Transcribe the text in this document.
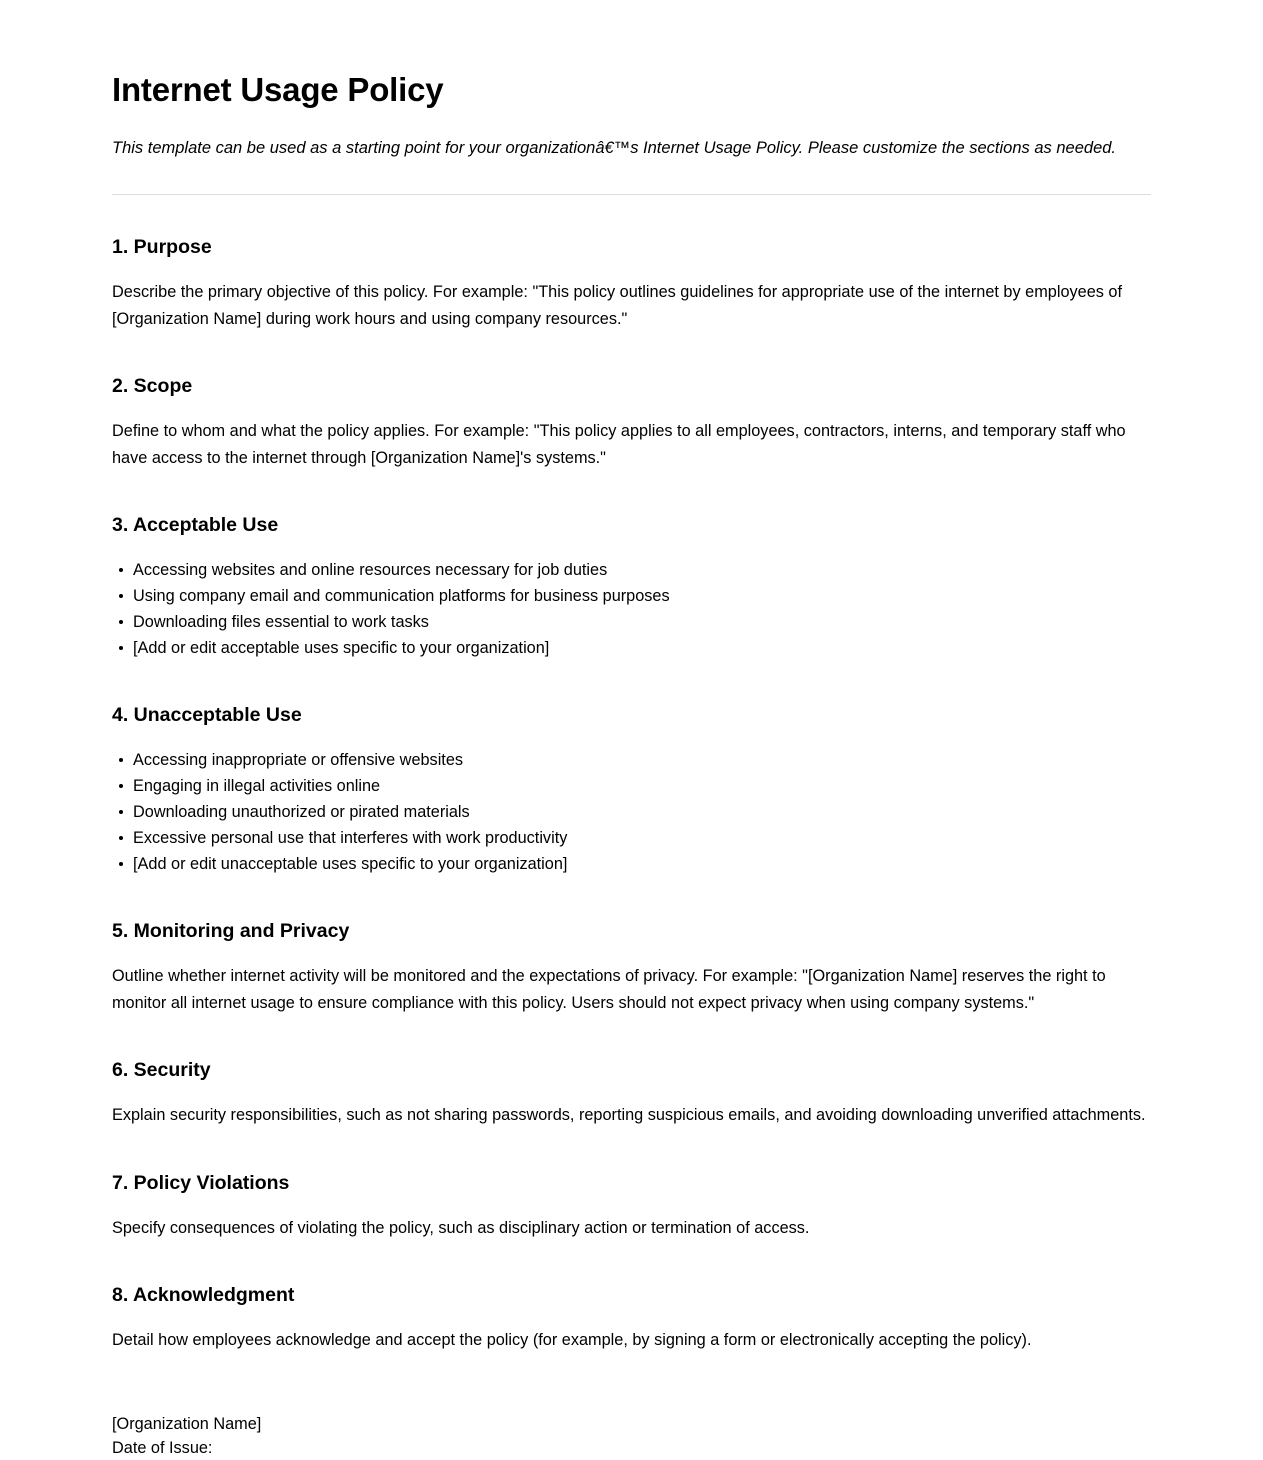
Internet Usage Policy

This template can be used as a starting point for your organizationâ€™s Internet Usage Policy. Please customize the sections as needed.

1. Purpose

Describe the primary objective of this policy. For example: "This policy outlines guidelines for appropriate use of the internet by employees of [Organization Name] during work hours and using company resources."

2. Scope

Define to whom and what the policy applies. For example: "This policy applies to all employees, contractors, interns, and temporary staff who have access to the internet through [Organization Name]'s systems."

3. Acceptable Use
Accessing websites and online resources necessary for job duties
Using company email and communication platforms for business purposes
Downloading files essential to work tasks
[Add or edit acceptable uses specific to your organization]
4. Unacceptable Use
Accessing inappropriate or offensive websites
Engaging in illegal activities online
Downloading unauthorized or pirated materials
Excessive personal use that interferes with work productivity
[Add or edit unacceptable uses specific to your organization]
5. Monitoring and Privacy

Outline whether internet activity will be monitored and the expectations of privacy. For example: "[Organization Name] reserves the right to monitor all internet usage to ensure compliance with this policy. Users should not expect privacy when using company systems."

6. Security

Explain security responsibilities, such as not sharing passwords, reporting suspicious emails, and avoiding downloading unverified attachments.

7. Policy Violations

Specify consequences of violating the policy, such as disciplinary action or termination of access.

8. Acknowledgment

Detail how employees acknowledge and accept the policy (for example, by signing a form or electronically accepting the policy).

[Organization Name]

Date of Issue:
